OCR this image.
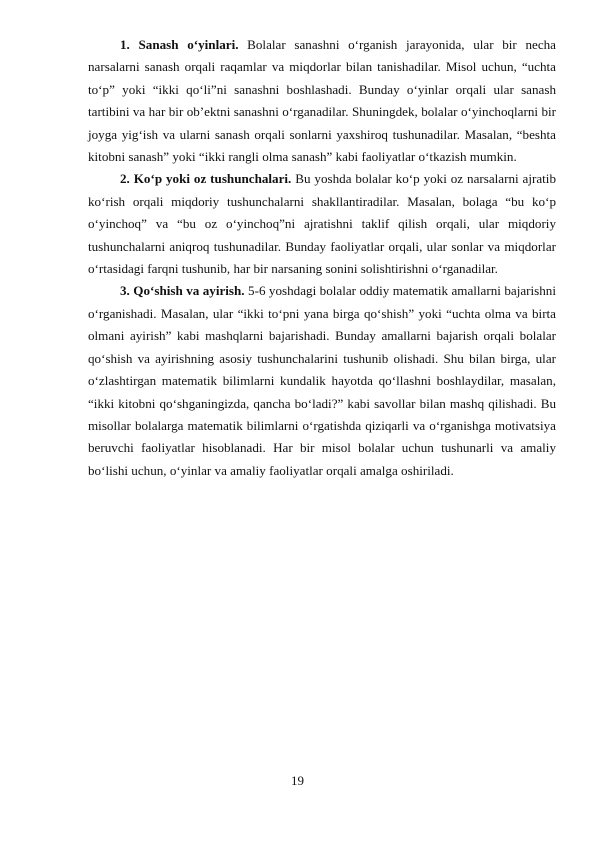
1. Sanash o‘yinlari. Bolalar sanashni o‘rganish jarayonida, ular bir necha narsalarni sanash orqali raqamlar va miqdorlar bilan tanishadilar. Misol uchun, “uchta to‘p” yoki “ikki qo‘li”ni sanashni boshlashadi. Bunday o‘yinlar orqali ular sanash tartibini va har bir ob’ektni sanashni o‘rganadilar. Shuningdek, bolalar o‘yinchoqlarni bir joyga yig‘ish va ularni sanash orqali sonlarni yaxshiroq tushunadilar. Masalan, “beshta kitobni sanash” yoki “ikki rangli olma sanash” kabi faoliyatlar o‘tkazish mumkin.

2. Ko‘p yoki oz tushunchalari. Bu yoshda bolalar ko‘p yoki oz narsalarni ajratib ko‘rish orqali miqdoriy tushunchalarni shakllantiradilar. Masalan, bolaga “bu ko‘p o‘yinchoq” va “bu oz o‘yinchoq”ni ajratishni taklif qilish orqali, ular miqdoriy tushunchalarni aniqroq tushunadilar. Bunday faoliyatlar orqali, ular sonlar va miqdorlar o‘rtasidagi farqni tushunib, har bir narsaning sonini solishtirishni o‘rganadilar.

3. Qo‘shish va ayirish. 5-6 yoshdagi bolalar oddiy matematik amallarni bajarishni o‘rganishadi. Masalan, ular “ikki to‘pni yana birga qo‘shish” yoki “uchta olma va birta olmani ayirish” kabi mashqlarni bajarishadi. Bunday amallarni bajarish orqali bolalar qo‘shish va ayirishning asosiy tushunchalarini tushunib olishadi. Shu bilan birga, ular o‘zlashtirgan matematik bilimlarni kundalik hayotda qo‘llashni boshlaydilar, masalan, “ikki kitobni qo‘shganingizda, qancha bo‘ladi?” kabi savollar bilan mashq qilishadi. Bu misollar bolalarga matematik bilimlarni o‘rgatishda qiziqarli va o‘rganishga motivatsiya beruvchi faoliyatlar hisoblanadi. Har bir misol bolalar uchun tushunarli va amaliy bo‘lishi uchun, o‘yinlar va amaliy faoliyatlar orqali amalga oshiriladi.

19
